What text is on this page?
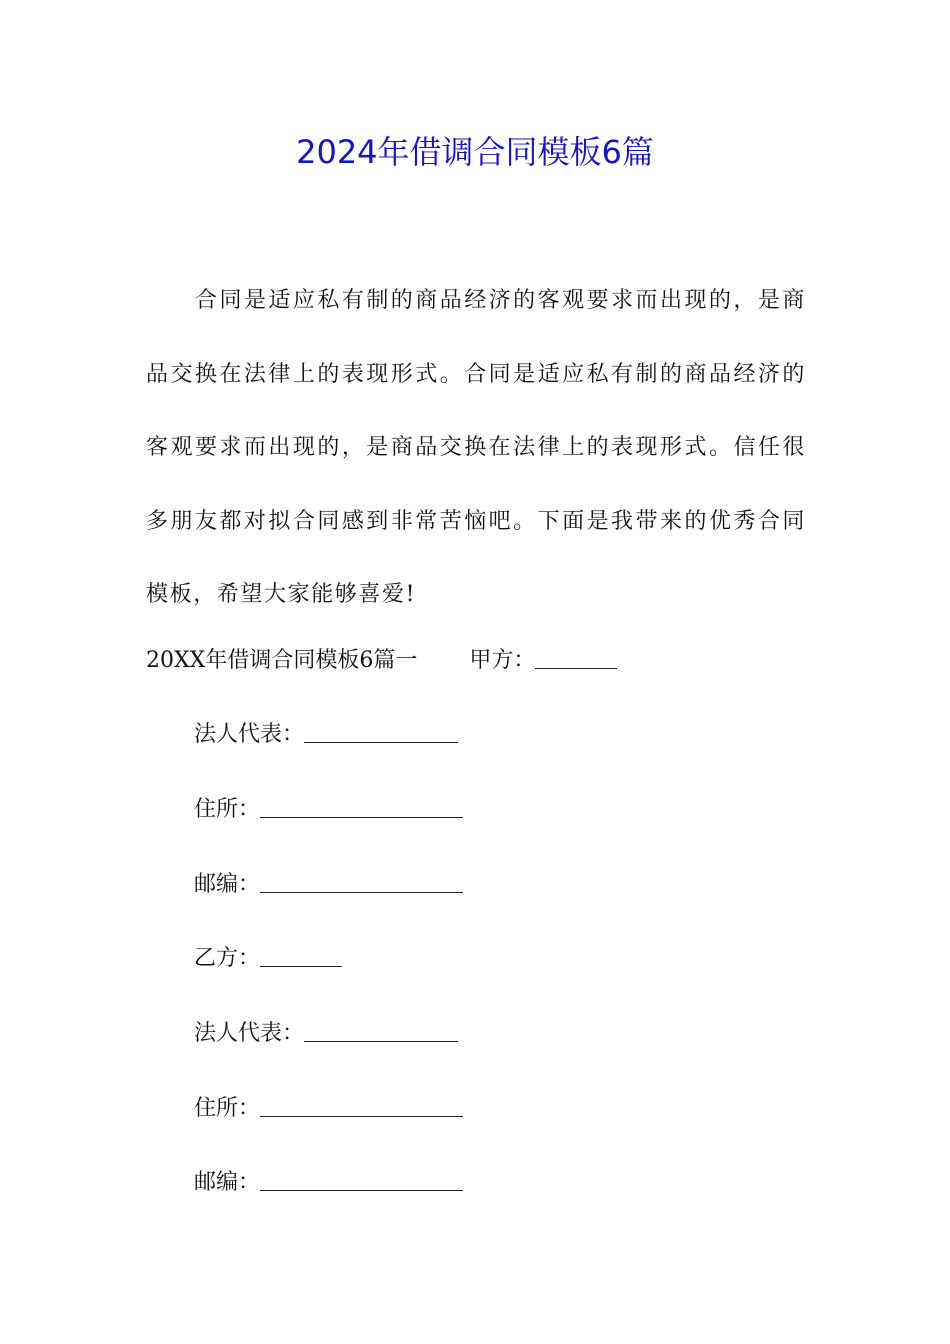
2024年借调合同模板6篇

合同是适应私有制的商品经济的客观要求而出现的，是商品交换在法律上的表现形式。合同是适应私有制的商品经济的客观要求而出现的，是商品交换在法律上的表现形式。信任很多朋友都对拟合同感到非常苦恼吧。下面是我带来的优秀合同模板，希望大家能够喜爱!

20XX年借调合同模板6篇一 甲方：
法人代表：
住所：
邮编：
乙方：
法人代表：
住所：
邮编：
